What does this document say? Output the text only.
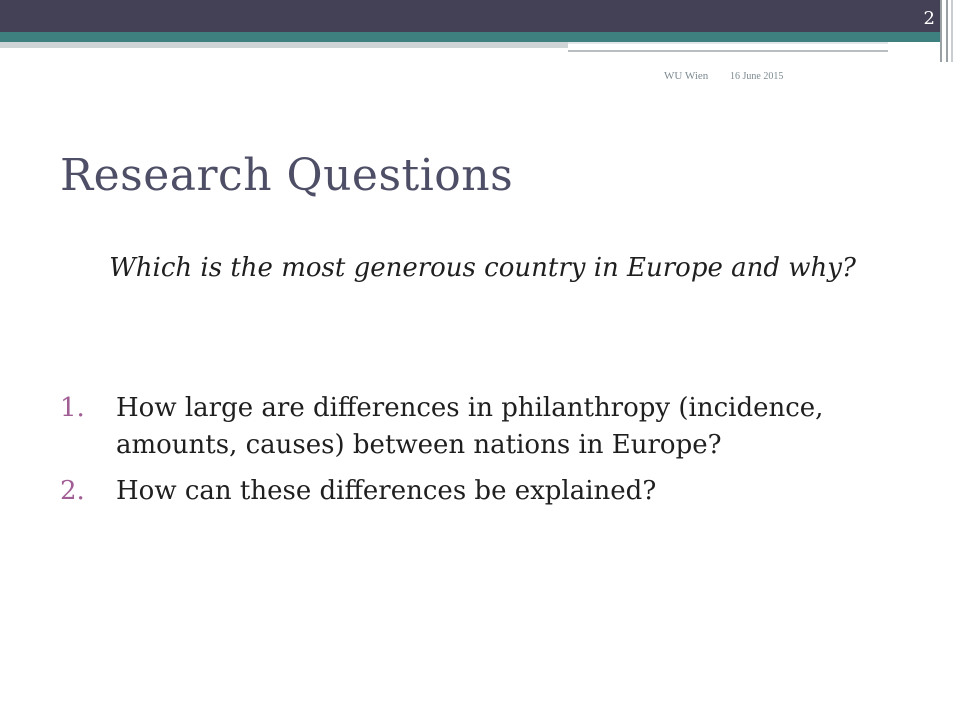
2
WU Wien 16 June 2015
Research Questions
Which is the most generous country in Europe and why?
1. How large are differences in philanthropy (incidence, amounts, causes) between nations in Europe?
2. How can these differences be explained?
